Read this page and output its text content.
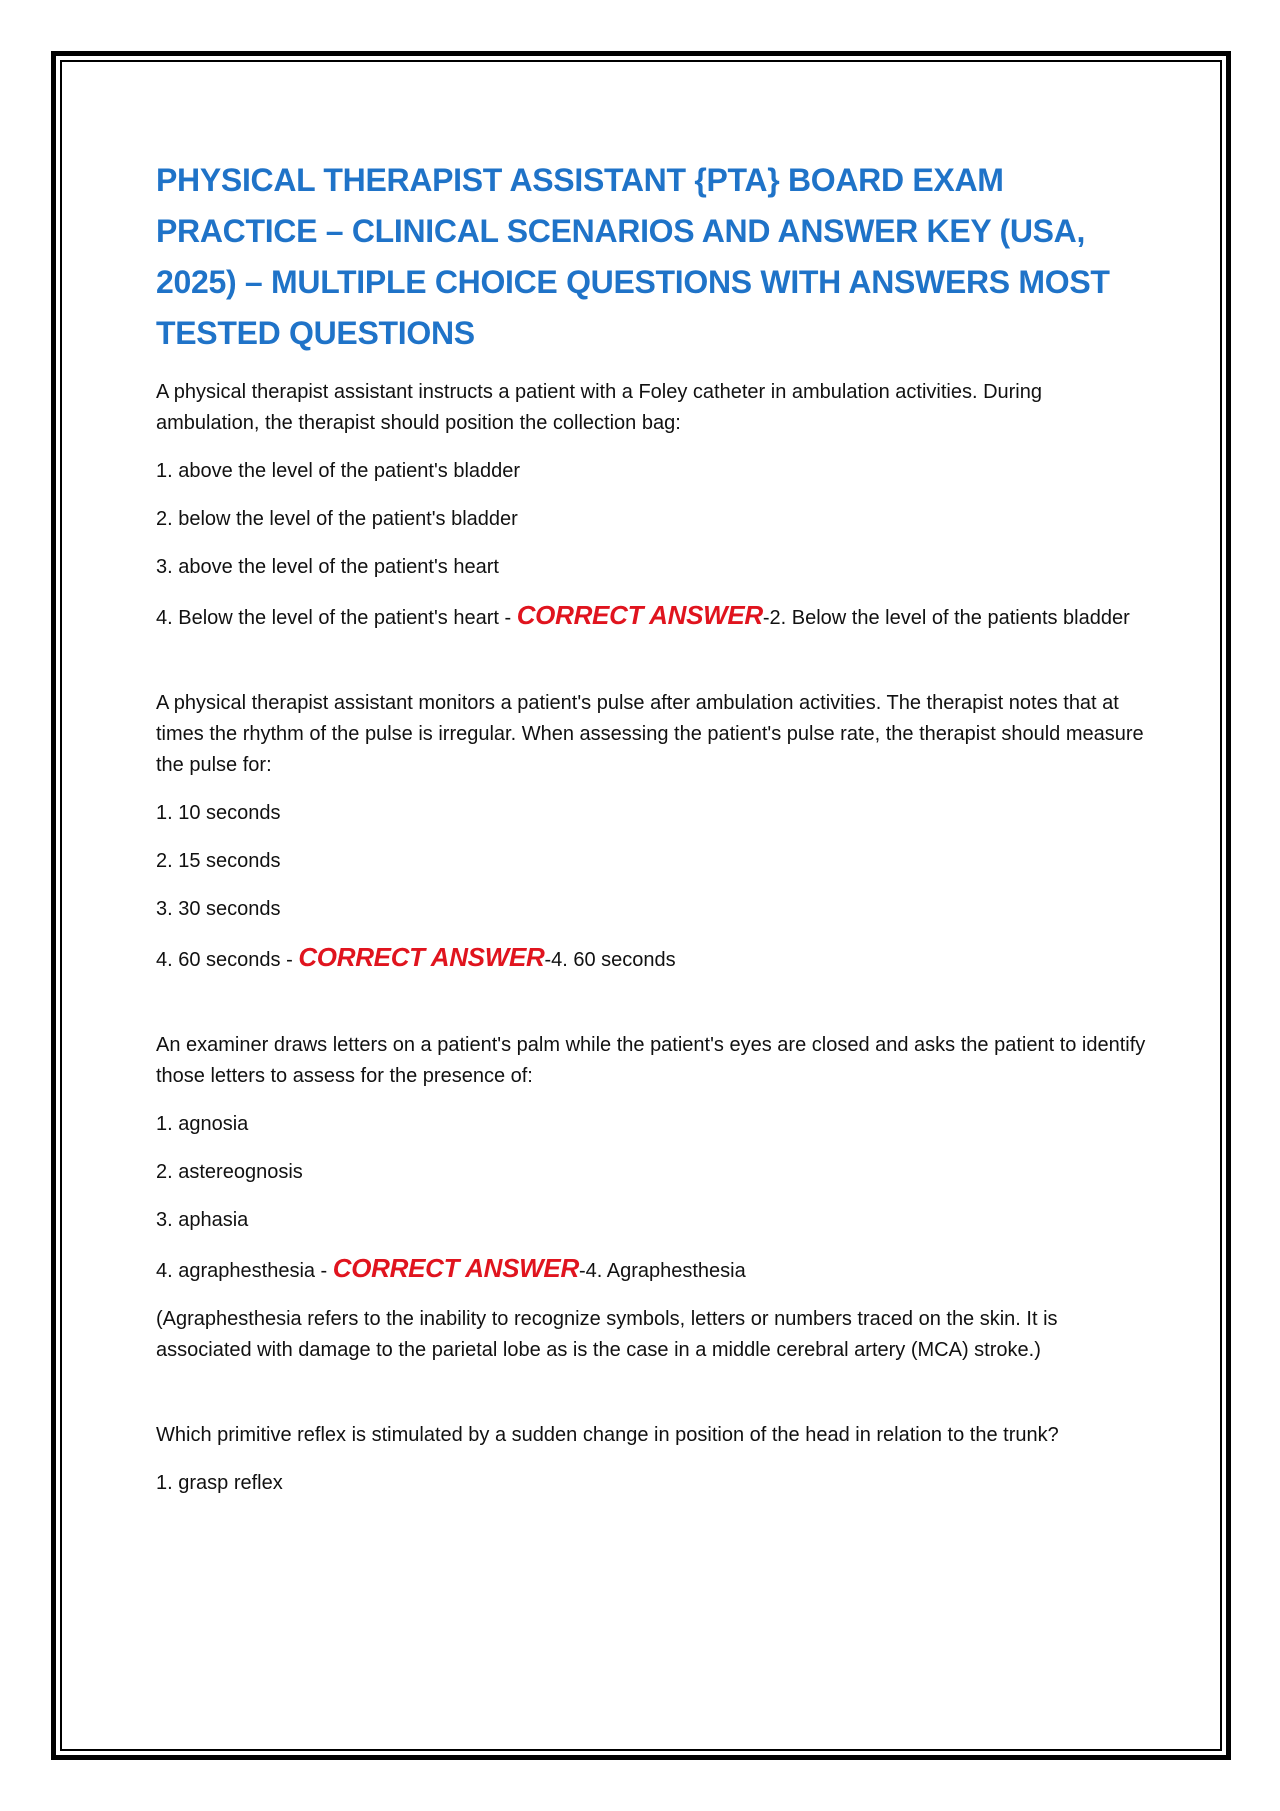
PHYSICAL THERAPIST ASSISTANT {PTA} BOARD EXAM PRACTICE – CLINICAL SCENARIOS AND ANSWER KEY (USA, 2025) – MULTIPLE CHOICE QUESTIONS WITH ANSWERS MOST TESTED QUESTIONS

A physical therapist assistant instructs a patient with a Foley catheter in ambulation activities. During ambulation, the therapist should position the collection bag:

1. above the level of the patient's bladder

2. below the level of the patient's bladder

3. above the level of the patient's heart

4. Below the level of the patient's heart - CORRECT ANSWER-2. Below the level of the patients bladder

A physical therapist assistant monitors a patient's pulse after ambulation activities. The therapist notes that at times the rhythm of the pulse is irregular. When assessing the patient's pulse rate, the therapist should measure the pulse for:

1. 10 seconds

2. 15 seconds

3. 30 seconds

4. 60 seconds - CORRECT ANSWER-4. 60 seconds

An examiner draws letters on a patient's palm while the patient's eyes are closed and asks the patient to identify those letters to assess for the presence of:

1. agnosia

2. astereognosis

3. aphasia

4. agraphesthesia - CORRECT ANSWER-4. Agraphesthesia

(Agraphesthesia refers to the inability to recognize symbols, letters or numbers traced on the skin. It is associated with damage to the parietal lobe as is the case in a middle cerebral artery (MCA) stroke.)

Which primitive reflex is stimulated by a sudden change in position of the head in relation to the trunk?

1. grasp reflex
